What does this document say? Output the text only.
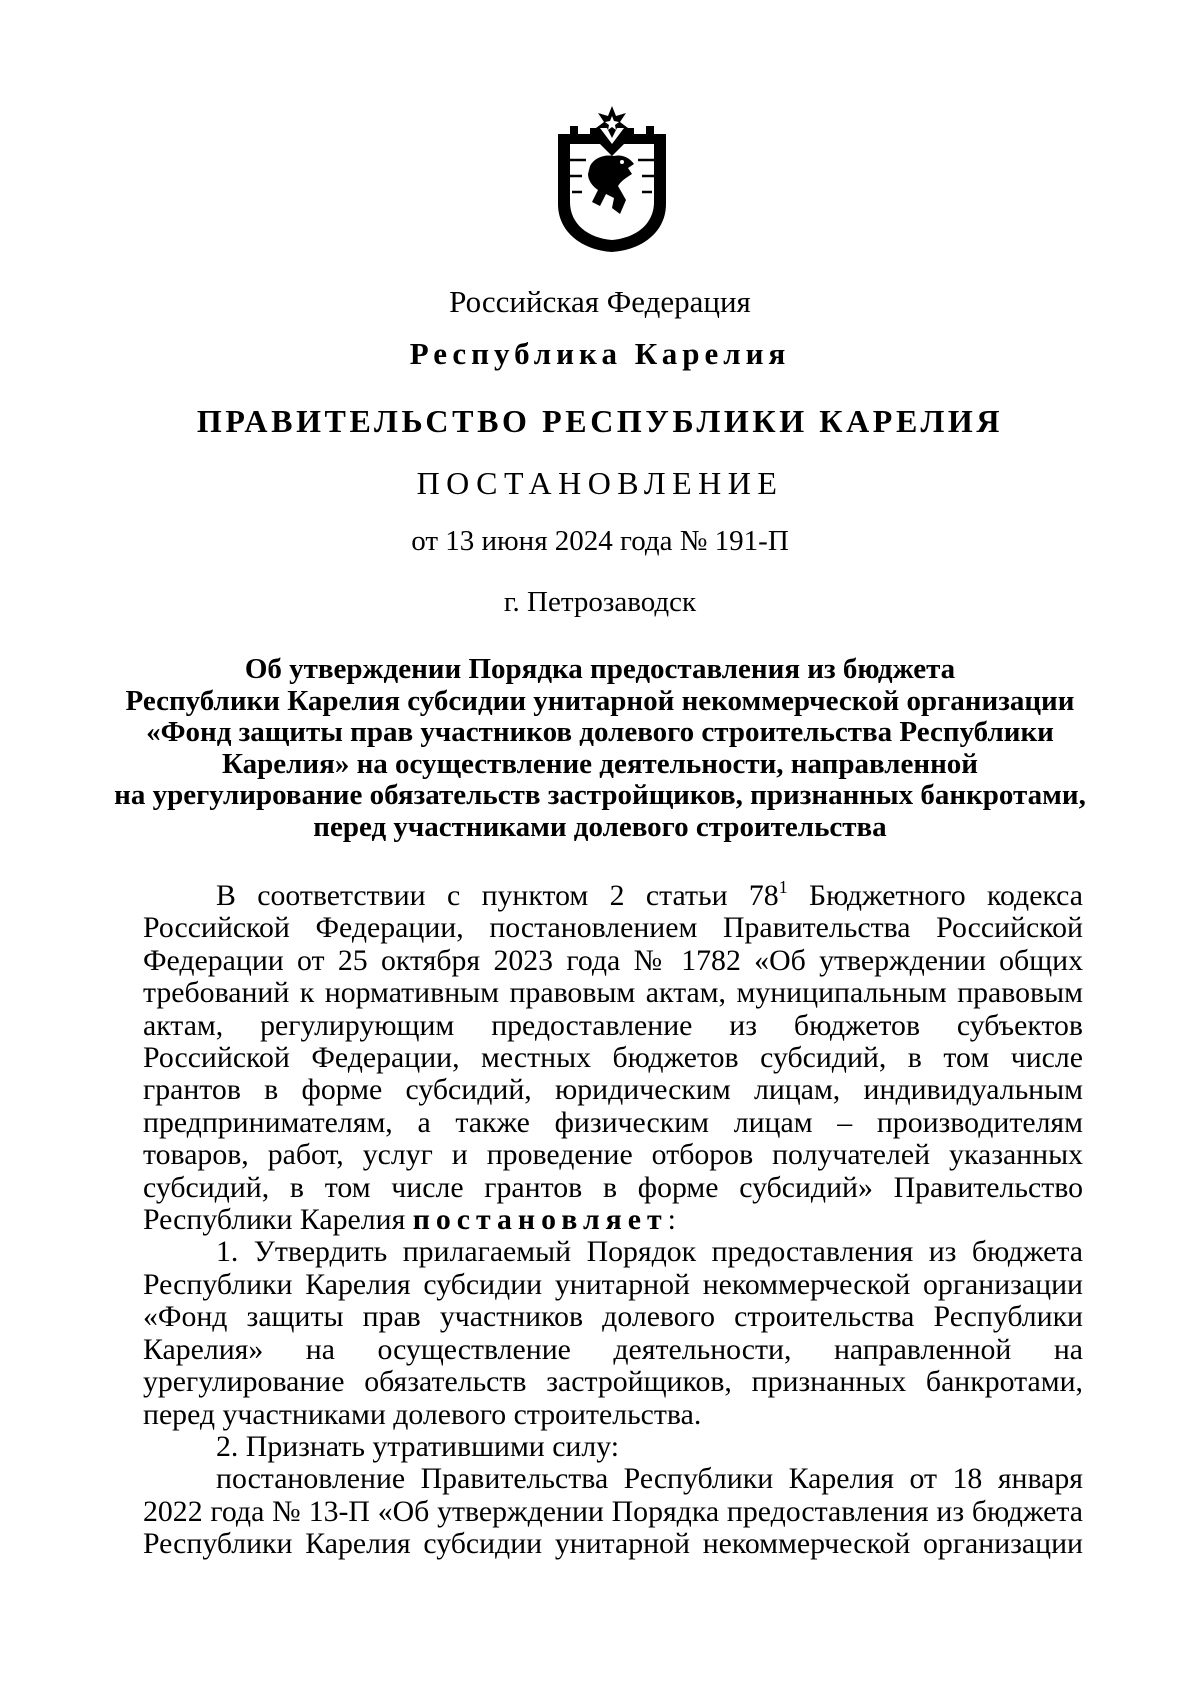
Российская Федерация
Республика Карелия
ПРАВИТЕЛЬСТВО РЕСПУБЛИКИ КАРЕЛИЯ
ПОСТАНОВЛЕНИЕ
от 13 июня 2024 года № 191-П
г. Петрозаводск
Об утверждении Порядка предоставления из бюджета
Республики Карелия субсидии унитарной некоммерческой организации
«Фонд защиты прав участников долевого строительства Республики
Карелия» на осуществление деятельности, направленной
на урегулирование обязательств застройщиков, признанных банкротами,
перед участниками долевого строительства

В соответствии с пунктом 2 статьи $78^1$ Бюджетного кодекса Российской Федерации, постановлением Правительства Российской Федерации от 25 октября 2023 года № 1782 «Об утверждении общих требований к нормативным правовым актам, муниципальным правовым актам, регулирующим предоставление из бюджетов субъектов Российской Федерации, местных бюджетов субсидий, в том числе грантов в форме субсидий, юридическим лицам, индивидуальным предпринимателям, а также физическим лицам – производителям товаров, работ, услуг и проведение отборов получателей указанных субсидий, в том числе грантов в форме субсидий» Правительство Республики Карелия постановляет:

1. Утвердить прилагаемый Порядок предоставления из бюджета Республики Карелия субсидии унитарной некоммерческой организации «Фонд защиты прав участников долевого строительства Республики Карелия» на осуществление деятельности, направленной на урегулирование обязательств застройщиков, признанных банкротами, перед участниками долевого строительства.

2. Признать утратившими силу:

постановление Правительства Республики Карелия от 18 января 2022 года № 13-П «Об утверждении Порядка предоставления из бюджета Республики Карелия субсидии унитарной некоммерческой организации
